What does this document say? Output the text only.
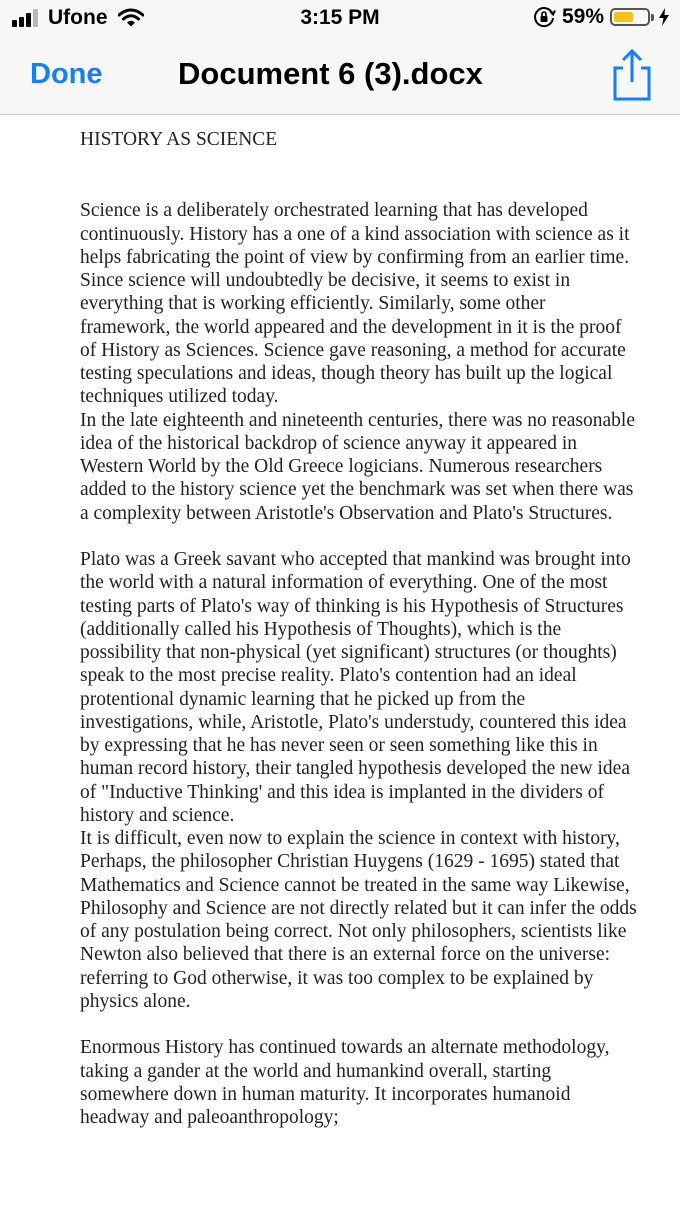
Ufone	3:15 PM	59%
Done Document 6 (3).docx
HISTORY AS SCIENCE

Science is a deliberately orchestrated learning that has developed continuously. History has a one of a kind association with science as it helps fabricating the point of view by confirming from an earlier time. Since science will undoubtedly be decisive, it seems to exist in everything that is working efficiently. Similarly, some other framework, the world appeared and the development in it is the proof of History as Sciences. Science gave reasoning, a method for accurate testing speculations and ideas, though theory has built up the logical techniques utilized today.

In the late eighteenth and nineteenth centuries, there was no reasonable idea of the historical backdrop of science anyway it appeared in Western World by the Old Greece logicians. Numerous researchers added to the history science yet the benchmark was set when there was a complexity between Aristotle's Observation and Plato's Structures.

Plato was a Greek savant who accepted that mankind was brought into the world with a natural information of everything. One of the most testing parts of Plato's way of thinking is his Hypothesis of Structures (additionally called his Hypothesis of Thoughts), which is the possibility that non-physical (yet significant) structures (or thoughts) speak to the most precise reality. Plato's contention had an ideal protentional dynamic learning that he picked up from the investigations, while, Aristotle, Plato's understudy, countered this idea by expressing that he has never seen or seen something like this in human record history, their tangled hypothesis developed the new idea of "Inductive Thinking' and this idea is implanted in the dividers of history and science.

It is difficult, even now to explain the science in context with history, Perhaps, the philosopher Christian Huygens (1629 - 1695) stated that Mathematics and Science cannot be treated in the same way Likewise, Philosophy and Science are not directly related but it can infer the odds of any postulation being correct. Not only philosophers, scientists like Newton also believed that there is an external force on the universe: referring to God otherwise, it was too complex to be explained by physics alone.

Enormous History has continued towards an alternate methodology, taking a gander at the world and humankind overall, starting somewhere down in human maturity. It incorporates humanoid headway and paleoanthropology;
